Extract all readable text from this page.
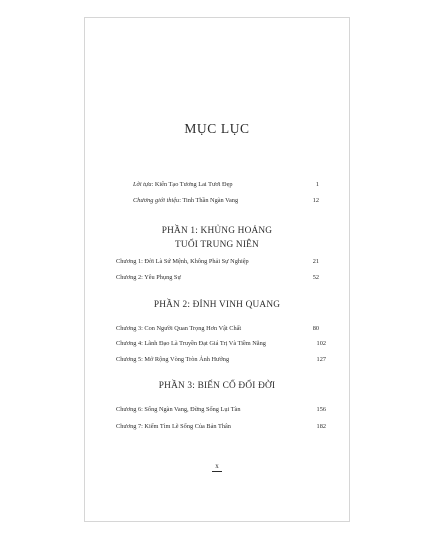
MỤC LỤC
Lời tựa: Kiến Tạo Tương Lai Tươi Đẹp	1
Chương giới thiệu: Tinh Thần Ngàn Vang	12
PHẦN 1: KHỦNG HOẢNG
TUỔI TRUNG NIÊN
Chương 1: Đời Là Sứ Mệnh, Không Phải Sự Nghiệp	21
Chương 2: Yêu Phụng Sự	52
PHẦN 2: ĐỈNH VINH QUANG
Chương 3: Con Người Quan Trọng Hơn Vật Chất	80
Chương 4: Lãnh Đạo Là Truyền Đạt Giá Trị Và Tiềm Năng	102
Chương 5: Mở Rộng Vòng Tròn Ảnh Hưởng	127
PHẦN 3: BIẾN CỐ ĐỔI ĐỜI
Chương 6: Sống Ngàn Vang, Đừng Sống Lụi Tàn	156
Chương 7: Kiếm Tìm Lẽ Sống Của Bản Thân	182
x
